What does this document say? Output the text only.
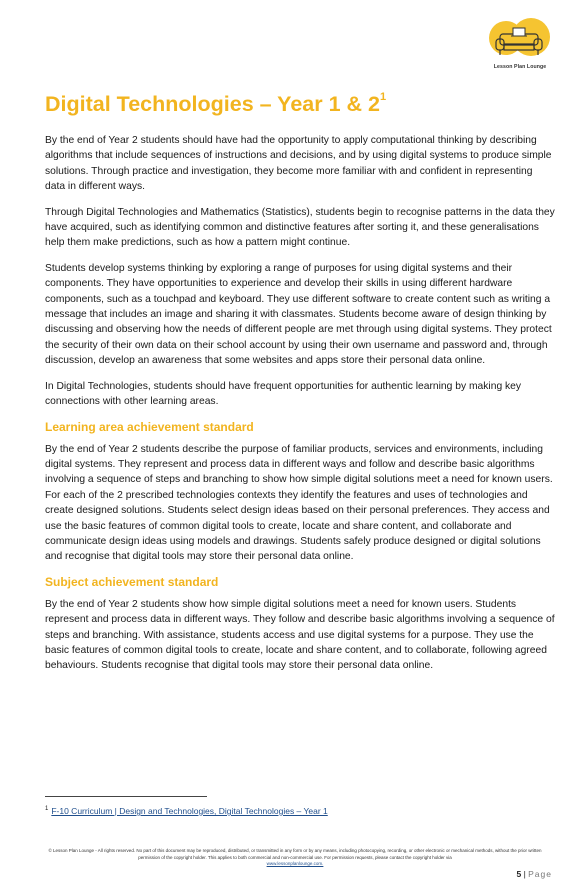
Lesson Plan Lounge
Digital Technologies – Year 1 & $2^1$

By the end of Year 2 students should have had the opportunity to apply computational thinking by describing algorithms that include sequences of instructions and decisions, and by using digital systems to produce simple solutions. Through practice and investigation, they become more familiar with and confident in representing data in different ways.

Through Digital Technologies and Mathematics (Statistics), students begin to recognise patterns in the data they have acquired, such as identifying common and distinctive features after sorting it, and these generalisations help them make predictions, such as how a pattern might continue.

Students develop systems thinking by exploring a range of purposes for using digital systems and their components. They have opportunities to experience and develop their skills in using different hardware components, such as a touchpad and keyboard. They use different software to create content such as writing a message that includes an image and sharing it with classmates. Students become aware of design thinking by discussing and observing how the needs of different people are met through using digital systems. They protect the security of their own data on their school account by using their own username and password and, through discussion, develop an awareness that some websites and apps store their personal data online.

In Digital Technologies, students should have frequent opportunities for authentic learning by making key connections with other learning areas.

Learning area achievement standard

By the end of Year 2 students describe the purpose of familiar products, services and environments, including digital systems. They represent and process data in different ways and follow and describe basic algorithms involving a sequence of steps and branching to show how simple digital solutions meet a need for known users. For each of the 2 prescribed technologies contexts they identify the features and uses of technologies and create designed solutions. Students select design ideas based on their personal preferences. They access and use the basic features of common digital tools to create, locate and share content, and collaborate and communicate design ideas using models and drawings. Students safely produce designed or digital solutions and recognise that digital tools may store their personal data online.

Subject achievement standard

By the end of Year 2 students show how simple digital solutions meet a need for known users. Students represent and process data in different ways. They follow and describe basic algorithms involving a sequence of steps and branching. With assistance, students access and use digital systems for a purpose. They use the basic features of common digital tools to create, locate and share content, and to collaborate, following agreed behaviours. Students recognise that digital tools may store their personal data online.

$^1$ F-10 Curriculum | Design and Technologies, Digital Technologies – Year 1
© Lesson Plan Lounge - All rights reserved. No part of this document may be reproduced, distributed, or transmitted in any form or by any means, including photocopying, recording, or other electronic or mechanical methods, without the prior written permission of the copyright holder. This applies to both commercial and non-commercial use. For permission requests, please contact the copyright holder via
www.lessonplanlounge.com.
5 | Page
